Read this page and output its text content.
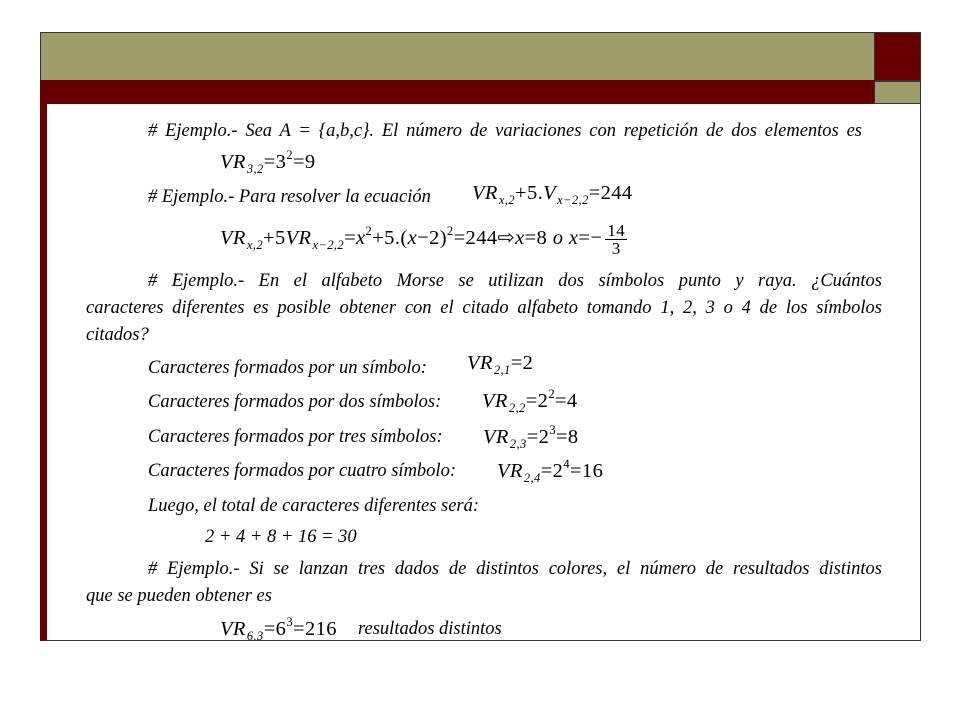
# Ejemplo.- Sea A = {a,b,c}. El número de variaciones con repetición de dos elementos es
$VR_{3,2}=3^2=9$
# Ejemplo.- Para resolver la ecuación $VR_{x,2}+5.V_{x-2,2}=244$
$VR_{x,2}+5VR_{x-2,2}=x^2+5.(x-2)^2=244⇨x=8$ o $x=- \frac{14}{3}$
# Ejemplo.- En el alfabeto Morse se utilizan dos símbolos punto y raya. ¿Cuántos
caracteres diferentes es posible obtener con el citado alfabeto tomando 1, 2, 3 o 4 de los símbolos
citados?
Caracteres formados por un símbolo: $VR_{2,1}=2$
Caracteres formados por dos símbolos: $VR_{2,2}=2^2=4$
Caracteres formados por tres símbolos: $VR_{2,3}=2^3=8$
Caracteres formados por cuatro símbolo: $VR_{2,4}=2^4=16$
Luego, el total de caracteres diferentes será:
2 + 4 + 8 + 16 = 30
# Ejemplo.- Si se lanzan tres dados de distintos colores, el número de resultados distintos
que se pueden obtener es
$VR_{6.3}=6^3=216$ resultados distintos
